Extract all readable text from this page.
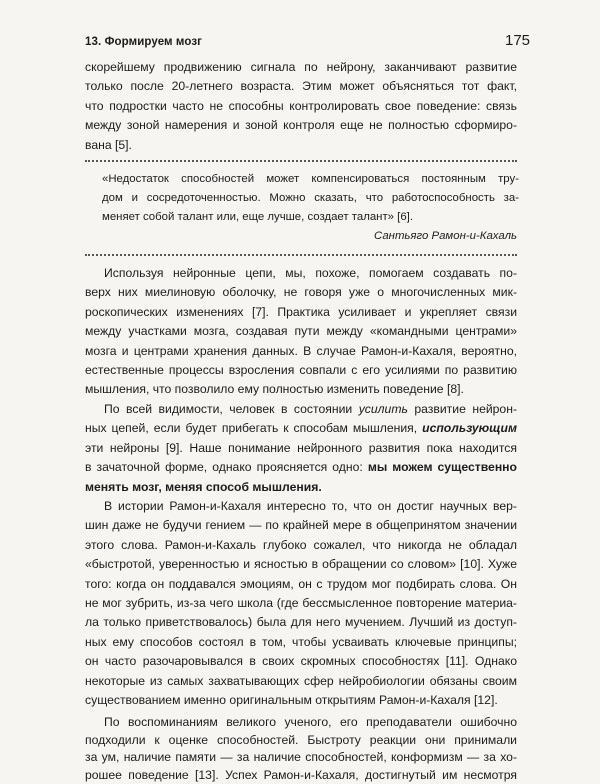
13. Формируем мозг	175
скорейшему продвижению сигнала по нейрону, заканчивают развитие
только после 20-летнего возраста. Этим может объясняться тот факт,
что подростки часто не способны контролировать свое поведение: связь
между зоной намерения и зоной контроля еще не полностью сформиро-
вана [5].
«Недостаток способностей может компенсироваться постоянным тру-
дом и сосредоточенностью. Можно сказать, что работоспособность за-
меняет собой талант или, еще лучше, создает талант» [6].
Сантьяго Рамон-и-Кахаль
Используя нейронные цепи, мы, похоже, помогаем создавать по-
верх них миелиновую оболочку, не говоря уже о многочисленных мик-
роскопических изменениях [7]. Практика усиливает и укрепляет связи
между участками мозга, создавая пути между «командными центрами»
мозга и центрами хранения данных. В случае Рамон-и-Кахаля, вероятно,
естественные процессы взросления совпали с его усилиями по развитию
мышления, что позволило ему полностью изменить поведение [8].
По всей видимости, человек в состоянии усилить развитие нейрон-
ных цепей, если будет прибегать к способам мышления, использующим
эти нейроны [9]. Наше понимание нейронного развития пока находится
в зачаточной форме, однако проясняется одно: мы можем существенно
менять мозг, меняя способ мышления.
В истории Рамон-и-Кахаля интересно то, что он достиг научных вер-
шин даже не будучи гением — по крайней мере в общепринятом значении
этого слова. Рамон-и-Кахаль глубоко сожалел, что никогда не обладал
«быстротой, уверенностью и ясностью в обращении со словом» [10]. Хуже
того: когда он поддавался эмоциям, он с трудом мог подбирать слова. Он
не мог зубрить, из-за чего школа (где бессмысленное повторение материа-
ла только приветствовалось) была для него мучением. Лучший из доступ-
ных ему способов состоял в том, чтобы усваивать ключевые принципы;
он часто разочаровывался в своих скромных способностях [11]. Однако
некоторые из самых захватывающих сфер нейробиологии обязаны своим
существованием именно оригинальным открытиям Рамон-и-Кахаля [12].
По воспоминаниям великого ученого, его преподаватели ошибочно
подходили к оценке способностей. Быстроту реакции они принимали
за ум, наличие памяти — за наличие способностей, конформизм — за хо-
рошее поведение [13]. Успех Рамон-и-Кахаля, достигнутый им несмотря
